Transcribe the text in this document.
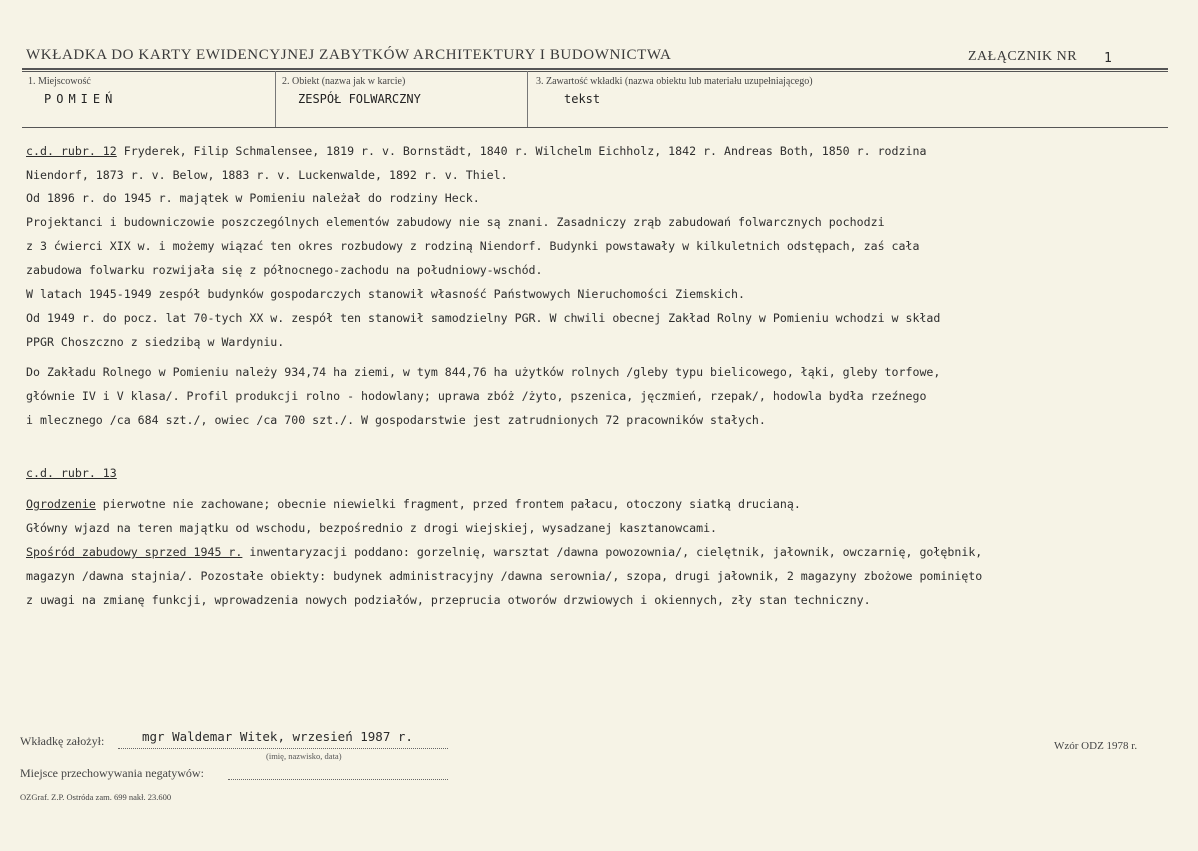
WKŁADKA DO KARTY EWIDENCYJNEJ ZABYTKÓW ARCHITEKTURY I BUDOWNICTWA	ZAŁĄCZNIK NR 1
1. Miejscowość
POMIEŃ
2. Obiekt (nazwa jak w karcie)
ZESPÓŁ FOLWARCZNY
3. Zawartość wkładki (nazwa obiektu lub materiału uzupełniającego)
tekst
c.d. rubr. 12 Fryderek, Filip Schmalensee, 1819 r. v. Bornstädt, 1840 r. Wilchelm Eichholz, 1842 r. Andreas Both, 1850 r. rodzina
Niendorf, 1873 r. v. Below, 1883 r. v. Luckenwalde, 1892 r. v. Thiel.
Od 1896 r. do 1945 r. majątek w Pomieniu należał do rodziny Heck.
Projektanci i budowniczowie poszczególnych elementów zabudowy nie są znani. Zasadniczy zrąb zabudowań folwarcznych pochodzi
z 3 ćwierci XIX w. i możemy wiązać ten okres rozbudowy z rodziną Niendorf. Budynki powstawały w kilkuletnich odstępach, zaś cała
zabudowa folwarku rozwijała się z północnego-zachodu na południowy-wschód.
W latach 1945-1949 zespół budynków gospodarczych stanowił własność Państwowych Nieruchomości Ziemskich.
Od 1949 r. do pocz. lat 70-tych XX w. zespół ten stanowił samodzielny PGR. W chwili obecnej Zakład Rolny w Pomieniu wchodzi w skład
PPGR Choszczno z siedzibą w Wardyniu.
Do Zakładu Rolnego w Pomieniu należy 934,74 ha ziemi, w tym 844,76 ha użytków rolnych /gleby typu bielicowego, łąki, gleby torfowe,
głównie IV i V klasa/. Profil produkcji rolno - hodowlany; uprawa zbóż /żyto, pszenica, jęczmień, rzepak/, hodowla bydła rzeźnego
i mlecznego /ca 684 szt./, owiec /ca 700 szt./. W gospodarstwie jest zatrudnionych 72 pracowników stałych.
c.d. rubr. 13
Ogrodzenie pierwotne nie zachowane; obecnie niewielki fragment, przed frontem pałacu, otoczony siatką drucianą.
Główny wjazd na teren majątku od wschodu, bezpośrednio z drogi wiejskiej, wysadzanej kasztanowcami.
Spośród zabudowy sprzed 1945 r. inwentaryzacji poddano: gorzelnię, warsztat /dawna powozownia/, cielętnik, jałownik, owczarnię, gołębnik,
magazyn /dawna stajnia/. Pozostałe obiekty: budynek administracyjny /dawna serownia/, szopa, drugi jałownik, 2 magazyny zbożowe pominięto
z uwagi na zmianę funkcji, wprowadzenia nowych podziałów, przeprucia otworów drzwiowych i okiennych, zły stan techniczny.
Wkładkę założył:	mgr Waldemar Witek, wrzesień 1987 r.
(imię, nazwisko, data)
Miejsce przechowywania negatywów:
Wzór ODZ 1978 r.
OZGraf. Z.P. Ostróda zam. 699 nakł. 23.600
